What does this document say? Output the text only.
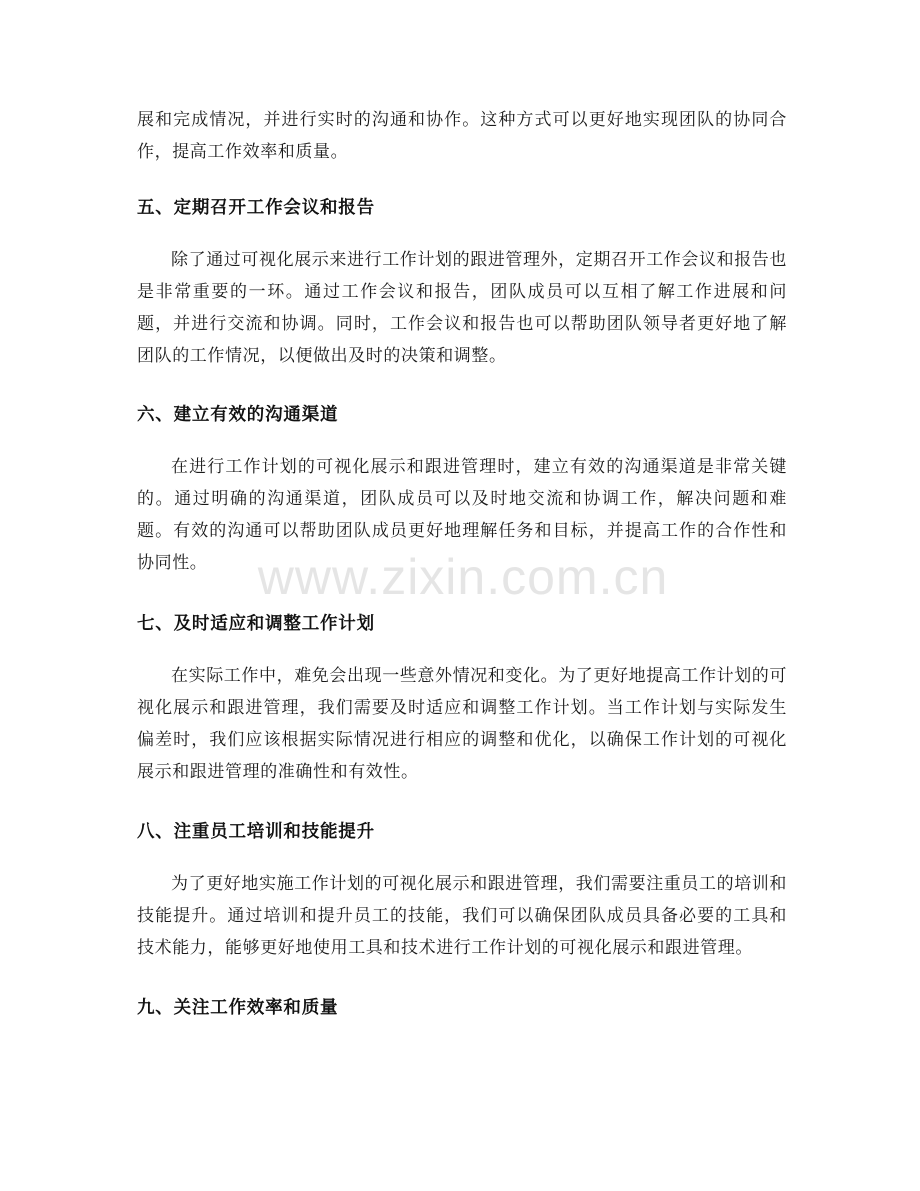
展和完成情况，并进行实时的沟通和协作。这种方式可以更好地实现团队的协同合作，提高工作效率和质量。

五、定期召开工作会议和报告

除了通过可视化展示来进行工作计划的跟进管理外，定期召开工作会议和报告也是非常重要的一环。通过工作会议和报告，团队成员可以互相了解工作进展和问题，并进行交流和协调。同时，工作会议和报告也可以帮助团队领导者更好地了解团队的工作情况，以便做出及时的决策和调整。

六、建立有效的沟通渠道

在进行工作计划的可视化展示和跟进管理时，建立有效的沟通渠道是非常关键的。通过明确的沟通渠道，团队成员可以及时地交流和协调工作，解决问题和难题。有效的沟通可以帮助团队成员更好地理解任务和目标，并提高工作的合作性和协同性。

七、及时适应和调整工作计划

在实际工作中，难免会出现一些意外情况和变化。为了更好地提高工作计划的可视化展示和跟进管理，我们需要及时适应和调整工作计划。当工作计划与实际发生偏差时，我们应该根据实际情况进行相应的调整和优化，以确保工作计划的可视化展示和跟进管理的准确性和有效性。

八、注重员工培训和技能提升

为了更好地实施工作计划的可视化展示和跟进管理，我们需要注重员工的培训和技能提升。通过培训和提升员工的技能，我们可以确保团队成员具备必要的工具和技术能力，能够更好地使用工具和技术进行工作计划的可视化展示和跟进管理。

九、关注工作效率和质量
www.zixin.com.cn
